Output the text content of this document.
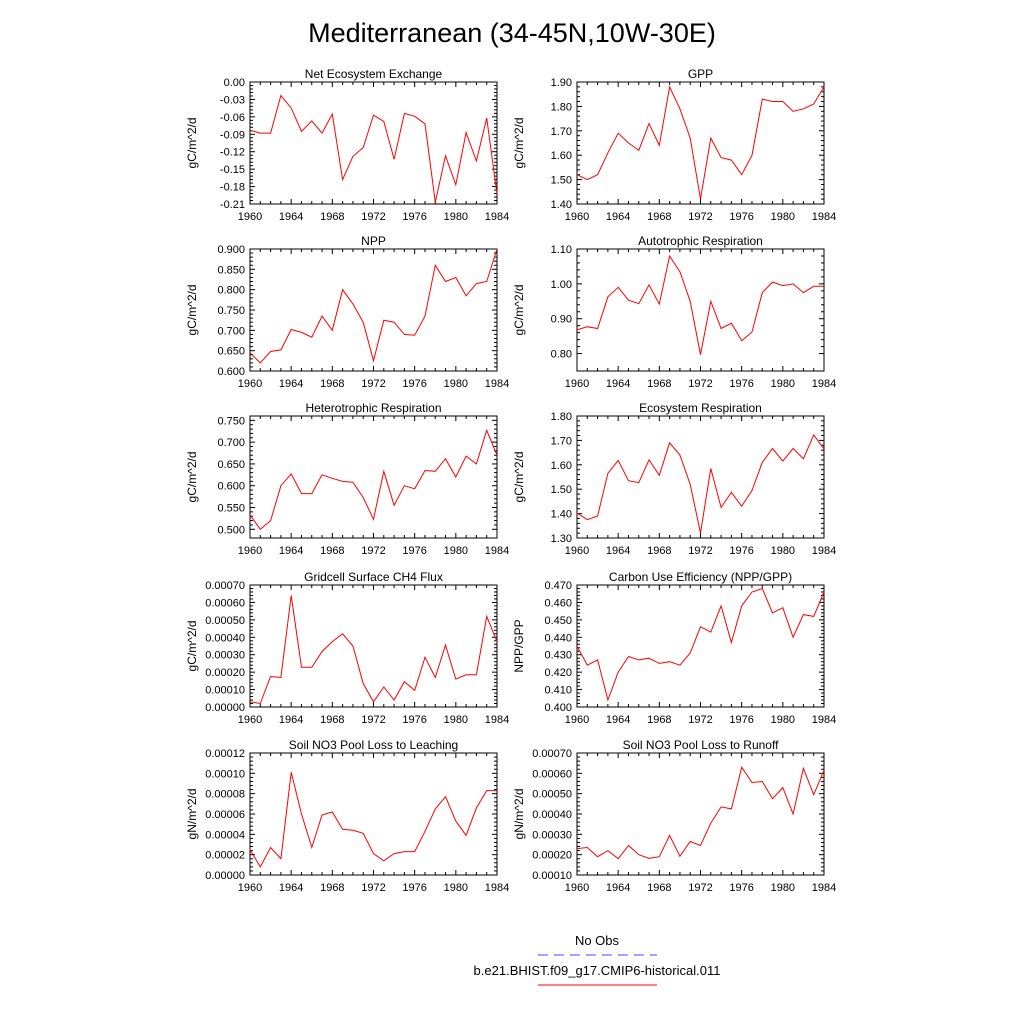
Mediterranean (34-45N,10W-30E)
Net Ecosystem Exchange
gC/m^2/d
1960 1964 1968 1972 1976 1980 1984
0.00
-0.03
-0.06
-0.09
-0.12
-0.15
-0.18
-0.21
GPP
gC/m^2/d
1960 1964 1968 1972 1976 1980 1984
1.40
1.50
1.60
1.70
1.80
1.90
NPP
gC/m^2/d
1960 1964 1968 1972 1976 1980 1984
0.600
0.650
0.700
0.750
0.800
0.850
0.900
Autotrophic Respiration
gC/m^2/d
1960 1964 1968 1972 1976 1980 1984
0.80
0.90
1.00
1.10
Heterotrophic Respiration
gC/m^2/d
1960 1964 1968 1972 1976 1980 1984
0.500
0.550
0.600
0.650
0.700
0.750
Ecosystem Respiration
gC/m^2/d
1960 1964 1968 1972 1976 1980 1984
1.30
1.40
1.50
1.60
1.70
1.80
Gridcell Surface CH4 Flux
gC/m^2/d
1960 1964 1968 1972 1976 1980 1984
0.00000
0.00010
0.00020
0.00030
0.00040
0.00050
0.00060
0.00070
Carbon Use Efficiency (NPP/GPP)
NPP/GPP
1960 1964 1968 1972 1976 1980 1984
0.400
0.410
0.420
0.430
0.440
0.450
0.460
0.470
Soil NO3 Pool Loss to Leaching
gN/m^2/d
1960 1964 1968 1972 1976 1980 1984
0.00000
0.00002
0.00004
0.00006
0.00008
0.00010
0.00012
Soil NO3 Pool Loss to Runoff
gN/m^2/d
1960 1964 1968 1972 1976 1980 1984
0.00010
0.00020
0.00030
0.00040
0.00050
0.00060
0.00070
No Obs
b.e21.BHIST.f09_g17.CMIP6-historical.011
